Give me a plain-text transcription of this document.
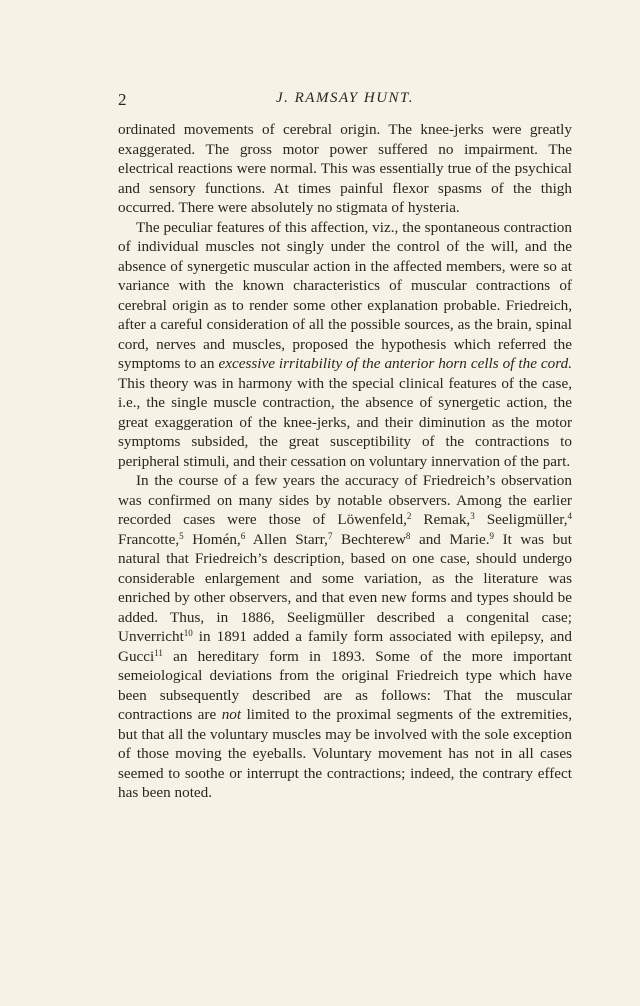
2	J. RAMSAY HUNT.

ordinated movements of cerebral origin. The knee-jerks were greatly exaggerated. The gross motor power suffered no impairment. The electrical reactions were normal. This was essentially true of the psychical and sensory functions. At times painful flexor spasms of the thigh occurred. There were absolutely no stigmata of hysteria.

The peculiar features of this affection, viz., the spontaneous contraction of individual muscles not singly under the control of the will, and the absence of synergetic muscular action in the affected members, were so at variance with the known characteristics of muscular contractions of cerebral origin as to render some other explanation probable. Friedreich, after a careful consideration of all the possible sources, as the brain, spinal cord, nerves and muscles, proposed the hypothesis which referred the symptoms to an excessive irritability of the anterior horn cells of the cord. This theory was in harmony with the special clinical features of the case, i.e., the single muscle contraction, the absence of synergetic action, the great exaggeration of the knee-jerks, and their diminution as the motor symptoms subsided, the great susceptibility of the contractions to peripheral stimuli, and their cessation on voluntary innervation of the part.

In the course of a few years the accuracy of Friedreich’s observation was confirmed on many sides by notable observers. Among the earlier recorded cases were those of Löwenfeld,$^2$ Remak,$^3$ Seeligmüller,$^4$ Francotte,$^5$ Homén,$^6$ Allen Starr,$^7$ Bechterew$^8$ and Marie.$^9$ It was but natural that Friedreich’s description, based on one case, should undergo considerable enlargement and some variation, as the literature was enriched by other observers, and that even new forms and types should be added. Thus, in 1886, Seeligmüller described a congenital case; Unverricht$^{10}$ in 1891 added a family form associated with epilepsy, and Gucci$^{11}$ an hereditary form in 1893. Some of the more important semeiological deviations from the original Friedreich type which have been subsequently described are as follows: That the muscular contractions are not limited to the proximal segments of the extremities, but that all the voluntary muscles may be involved with the sole exception of those moving the eyeballs. Voluntary movement has not in all cases seemed to soothe or interrupt the contractions; indeed, the contrary effect has been noted.
